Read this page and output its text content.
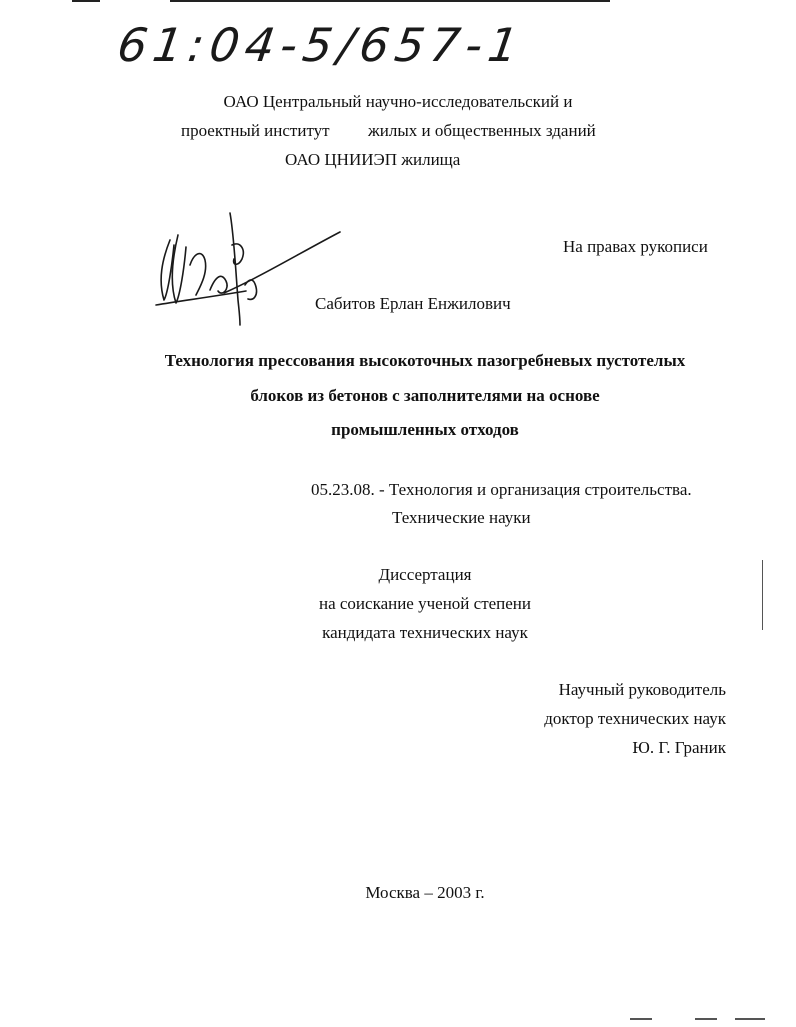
61:04-5/657-1
ОАО Центральный научно-исследовательский и
проектный институт жилых и общественных зданий
ОАО ЦНИИЭП жилища
На правах рукописи
Сабитов Ерлан Енжилович
Технология прессования высокоточных пазогребневых пустотелых
блоков из бетонов с заполнителями на основе
промышленных отходов
05.23.08. - Технология и организация строительства.
Технические науки
Диссертация
на соискание ученой степени
кандидата технических наук
Научный руководитель
доктор технических наук
Ю. Г. Граник
Москва – 2003 г.
